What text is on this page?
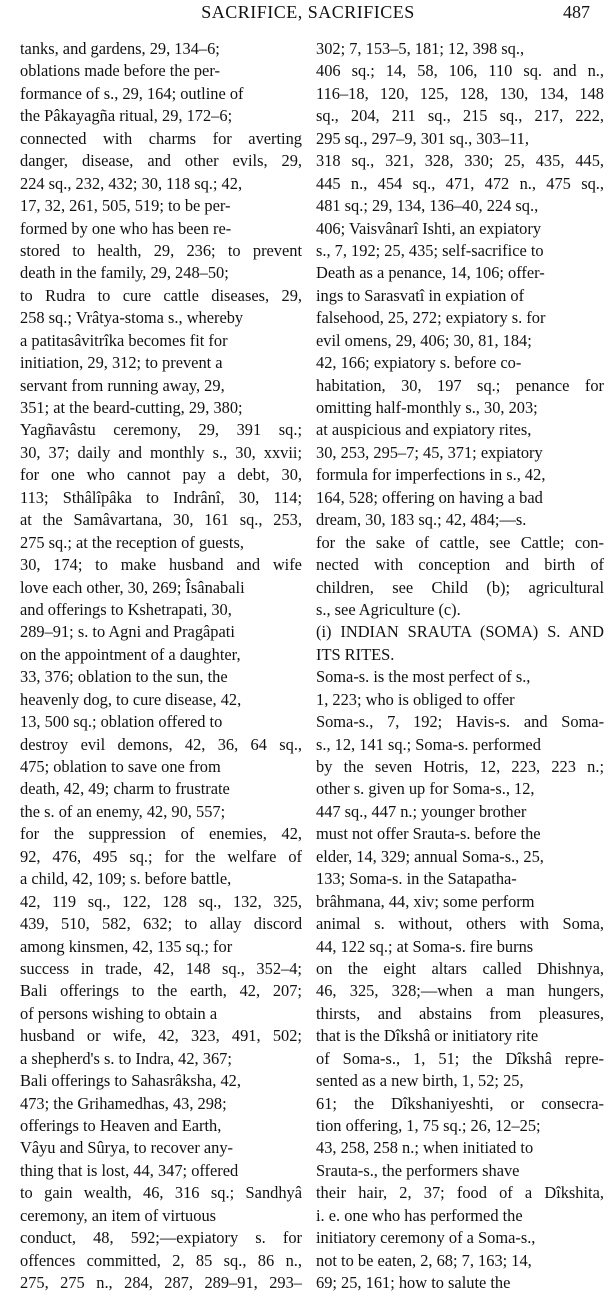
SACRIFICE, SACRIFICES	487
tanks, and gardens, 29, 134–6;
oblations made before the per-
formance of s., 29, 164; outline of
the Pâkayagña ritual, 29, 172–6;
connected with charms for averting
danger, disease, and other evils, 29,
224 sq., 232, 432; 30, 118 sq.; 42,
17, 32, 261, 505, 519; to be per-
formed by one who has been re-
stored to health, 29, 236; to prevent
death in the family, 29, 248–50;
to Rudra to cure cattle diseases, 29,
258 sq.; Vrâtya-stoma s., whereby
a patitasâvitrîka becomes fit for
initiation, 29, 312; to prevent a
servant from running away, 29,
351; at the beard-cutting, 29, 380;
Yagñavâstu ceremony, 29, 391 sq.;
30, 37; daily and monthly s., 30, xxvii;
for one who cannot pay a debt, 30,
113; Sthâlîpâka to Indrânî, 30, 114;
at the Samâvartana, 30, 161 sq., 253,
275 sq.; at the reception of guests,
30, 174; to make husband and wife
love each other, 30, 269; Îsânabali
and offerings to Kshetrapati, 30,
289–91; s. to Agni and Pragâpati
on the appointment of a daughter,
33, 376; oblation to the sun, the
heavenly dog, to cure disease, 42,
13, 500 sq.; oblation offered to
destroy evil demons, 42, 36, 64 sq.,
475; oblation to save one from
death, 42, 49; charm to frustrate
the s. of an enemy, 42, 90, 557;
for the suppression of enemies, 42,
92, 476, 495 sq.; for the welfare of
a child, 42, 109; s. before battle,
42, 119 sq., 122, 128 sq., 132, 325,
439, 510, 582, 632; to allay discord
among kinsmen, 42, 135 sq.; for
success in trade, 42, 148 sq., 352–4;
Bali offerings to the earth, 42, 207;
of persons wishing to obtain a
husband or wife, 42, 323, 491, 502;
a shepherd's s. to Indra, 42, 367;
Bali offerings to Sahasrâksha, 42,
473; the Grihamedhas, 43, 298;
offerings to Heaven and Earth,
Vâyu and Sûrya, to recover any-
thing that is lost, 44, 347; offered
to gain wealth, 46, 316 sq.; Sandhyâ
ceremony, an item of virtuous
conduct, 48, 592;—expiatory s. for
offences committed, 2, 85 sq., 86 n.,
275, 275 n., 284, 287, 289–91, 293–
302; 7, 153–5, 181; 12, 398 sq.,
406 sq.; 14, 58, 106, 110 sq. and n.,
116–18, 120, 125, 128, 130, 134, 148
sq., 204, 211 sq., 215 sq., 217, 222,
295 sq., 297–9, 301 sq., 303–11,
318 sq., 321, 328, 330; 25, 435, 445,
445 n., 454 sq., 471, 472 n., 475 sq.,
481 sq.; 29, 134, 136–40, 224 sq.,
406; Vaisvânarî Ishti, an expiatory
s., 7, 192; 25, 435; self-sacrifice to
Death as a penance, 14, 106; offer-
ings to Sarasvatî in expiation of
falsehood, 25, 272; expiatory s. for
evil omens, 29, 406; 30, 81, 184;
42, 166; expiatory s. before co-
habitation, 30, 197 sq.; penance for
omitting half-monthly s., 30, 203;
at auspicious and expiatory rites,
30, 253, 295–7; 45, 371; expiatory
formula for imperfections in s., 42,
164, 528; offering on having a bad
dream, 30, 183 sq.; 42, 484;—s.
for the sake of cattle, see Cattle; con-
nected with conception and birth of
children, see Child (b); agricultural
s., see Agriculture (c).
(i) INDIAN SRAUTA (SOMA) S. AND
ITS RITES.
Soma-s. is the most perfect of s.,
1, 223; who is obliged to offer
Soma-s., 7, 192; Havis-s. and Soma-
s., 12, 141 sq.; Soma-s. performed
by the seven Hotris, 12, 223, 223 n.;
other s. given up for Soma-s., 12,
447 sq., 447 n.; younger brother
must not offer Srauta-s. before the
elder, 14, 329; annual Soma-s., 25,
133; Soma-s. in the Satapatha-
brâhmana, 44, xiv; some perform
animal s. without, others with Soma,
44, 122 sq.; at Soma-s. fire burns
on the eight altars called Dhishnya,
46, 325, 328;—when a man hungers,
thirsts, and abstains from pleasures,
that is the Dîkshâ or initiatory rite
of Soma-s., 1, 51; the Dîkshâ repre-
sented as a new birth, 1, 52; 25,
61; the Dîkshaniyeshti, or consecra-
tion offering, 1, 75 sq.; 26, 12–25;
43, 258, 258 n.; when initiated to
Srauta-s., the performers shave
their hair, 2, 37; food of a Dîkshita,
i. e. one who has performed the
initiatory ceremony of a Soma-s.,
not to be eaten, 2, 68; 7, 163; 14,
69; 25, 161; how to salute the
